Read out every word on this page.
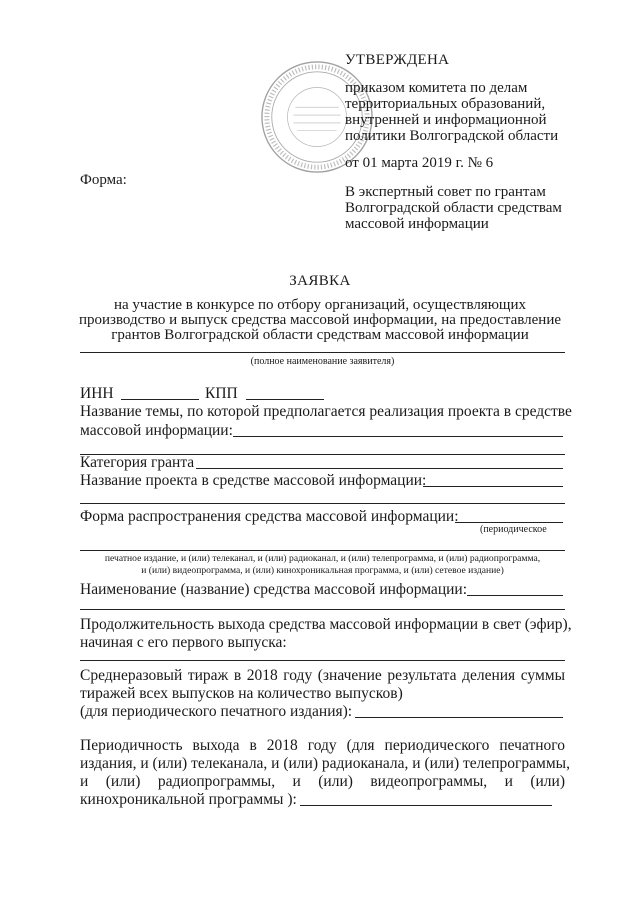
УТВЕРЖДЕНА
приказом комитета по делам
территориальных образований,
внутренней и информационной
политики Волгоградской области
от 01 марта 2019 г. № 6
Форма:
В экспертный совет по грантам
Волгоградской области средствам
массовой информации
ЗАЯВКА
на участие в конкурсе по отбору организаций, осуществляющих
производство и выпуск средства массовой информации, на предоставление
грантов Волгоградской области средствам массовой информации
(полное наименование заявителя)
ИНН	КПП
Название темы, по которой предполагается реализация проекта в средстве
массовой информации:
Категория гранта
Название проекта в средстве массовой информации:
Форма распространения средства массовой информации:
(периодическое
печатное издание, и (или) телеканал, и (или) радиоканал, и (или) телепрограмма, и (или) радиопрограмма,
и (или) видеопрограмма, и (или) кинохроникальная программа, и (или) сетевое издание)
Наименование (название) средства массовой информации:
Продолжительность выхода средства массовой информации в свет (эфир),
начиная с его первого выпуска:
Среднеразовый тираж в 2018 году (значение результата деления суммы
тиражей всех выпусков на количество выпусков)
(для периодического печатного издания):
Периодичность выхода в 2018 году (для периодического печатного
издания, и (или) телеканала, и (или) радиоканала, и (или) телепрограммы,
и (или) радиопрограммы, и (или) видеопрограммы, и (или)
кинохроникальной программы ):
